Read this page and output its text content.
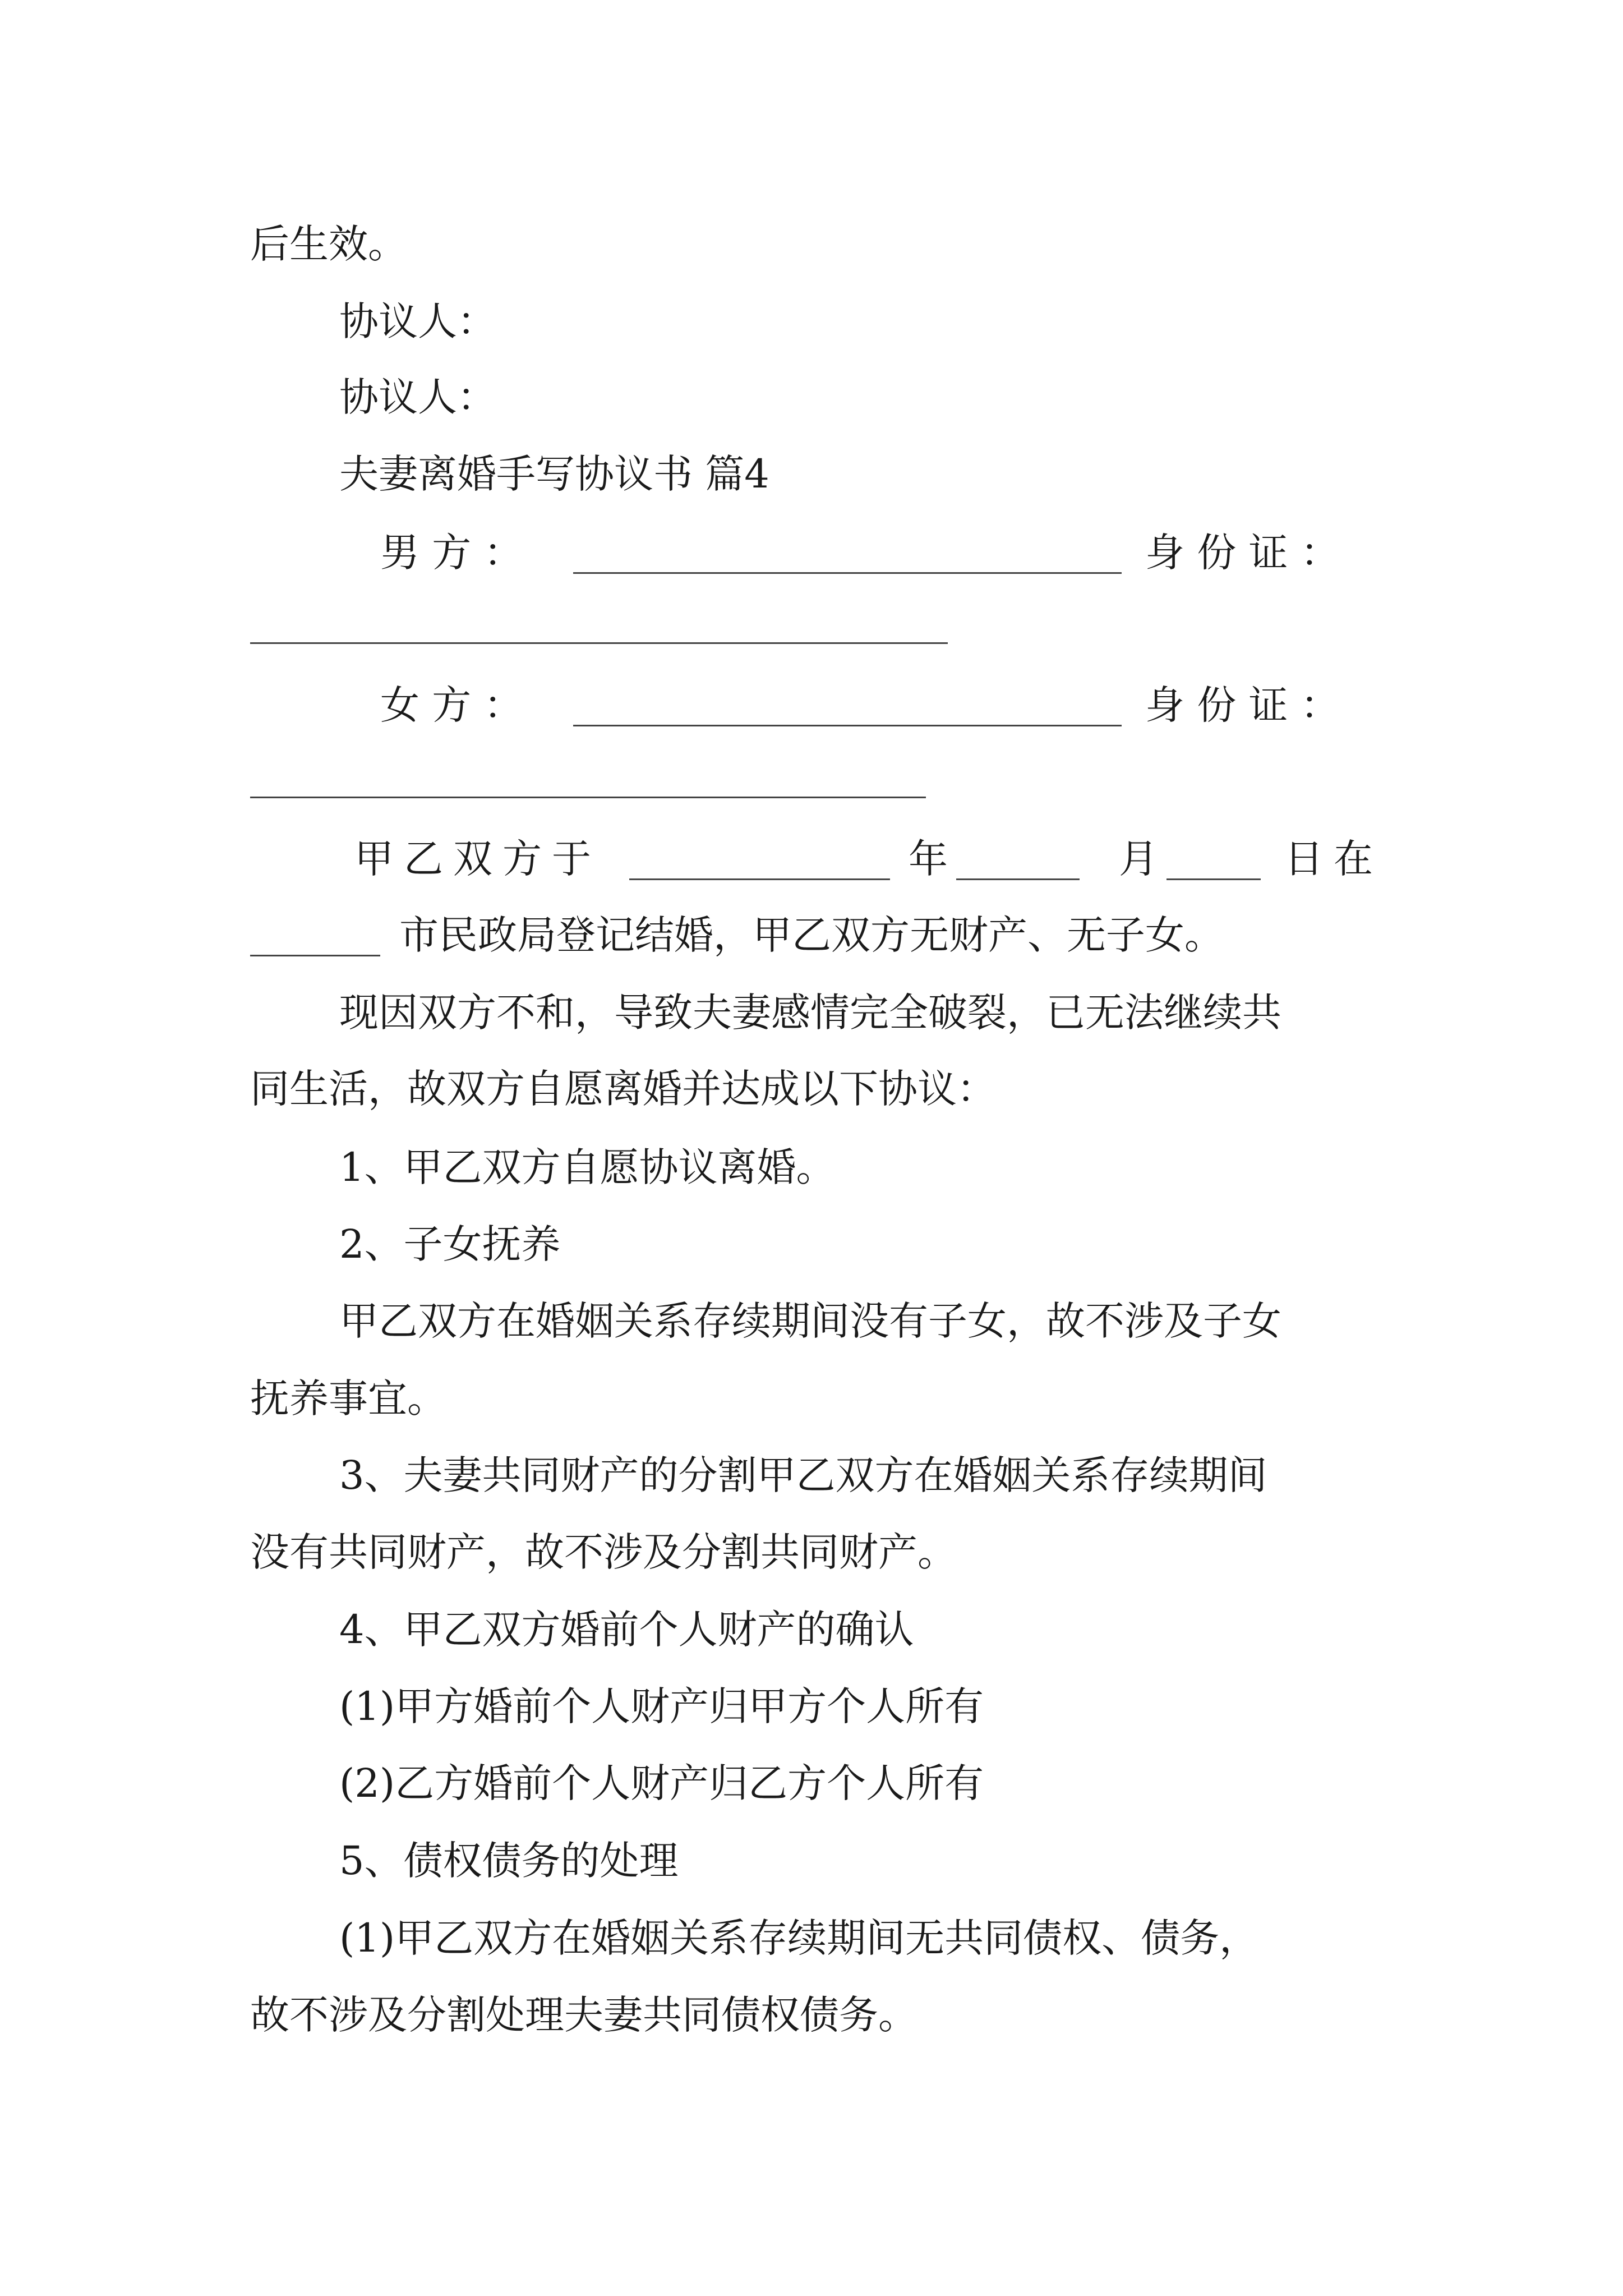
后生效。
协议人：
协议人：
夫妻离婚手写协议书 篇4
男 方 ：	身 份 证 ：
女 方 ：	身 份 证 ：
甲乙双方于	年	月	日在
市民政局登记结婚，甲乙双方无财产、无子女。
现因双方不和，导致夫妻感情完全破裂，已无法继续共
同生活，故双方自愿离婚并达成以下协议：
1、甲乙双方自愿协议离婚。
2、子女抚养
甲乙双方在婚姻关系存续期间没有子女，故不涉及子女
抚养事宜。
3、夫妻共同财产的分割甲乙双方在婚姻关系存续期间
没有共同财产，故不涉及分割共同财产。
4、甲乙双方婚前个人财产的确认
(1)甲方婚前个人财产归甲方个人所有
(2)乙方婚前个人财产归乙方个人所有
5、债权债务的处理
(1)甲乙双方在婚姻关系存续期间无共同债权、债务，
故不涉及分割处理夫妻共同债权债务。
